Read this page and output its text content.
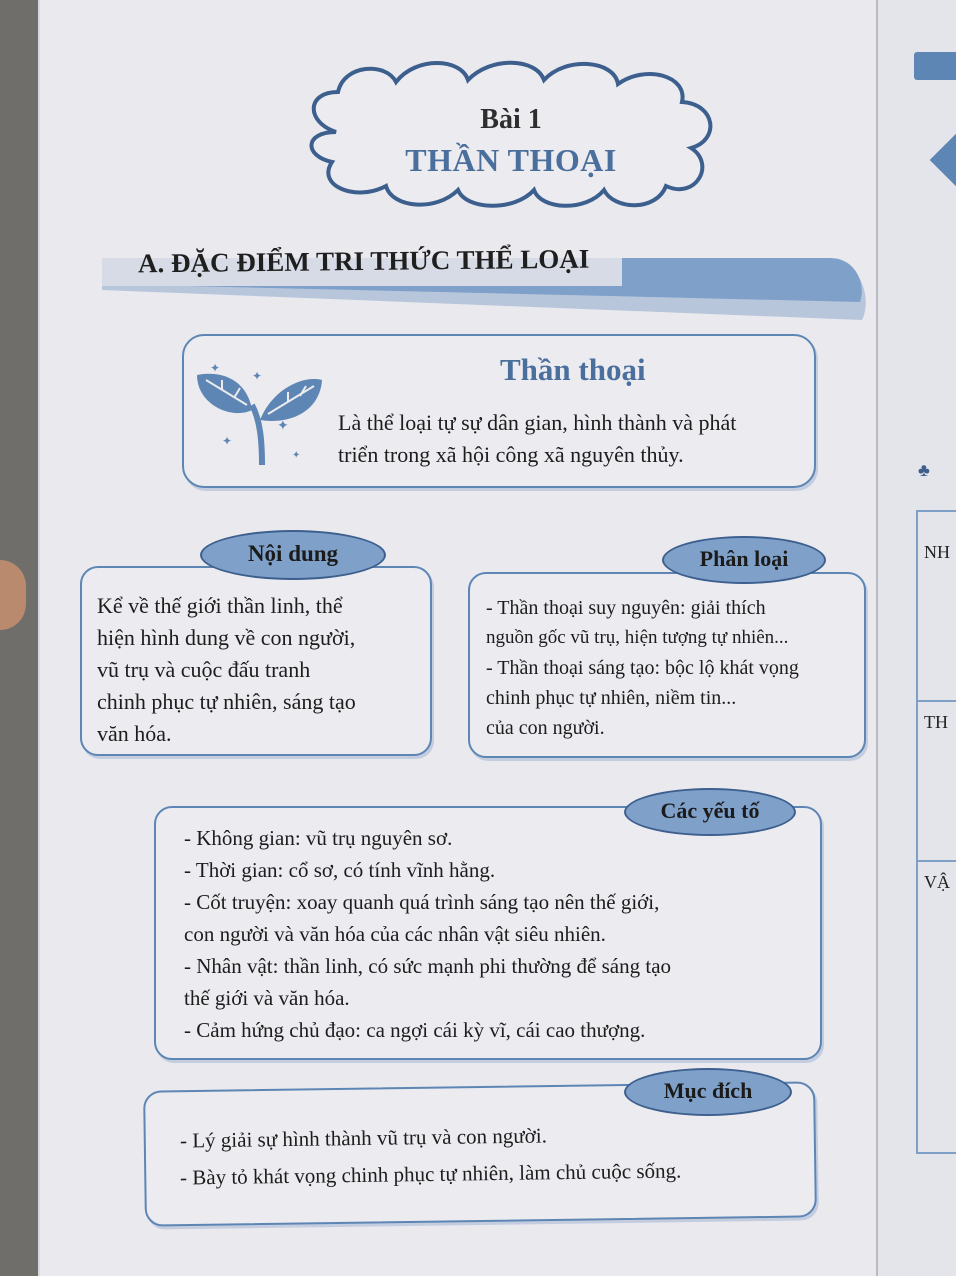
♣
NH
TH
VẬ
Bài 1
THẦN THOẠI
A. ĐẶC ĐIỂM TRI THỨC THỂ LOẠI
✦
✦
✦
✦
✦
Thần thoại
Là thể loại tự sự dân gian, hình thành và phát
triển trong xã hội công xã nguyên thủy.
Nội dung
Kể về thế giới thần linh, thể
hiện hình dung về con người,
vũ trụ và cuộc đấu tranh
chinh phục tự nhiên, sáng tạo
văn hóa.
Phân loại
- Thần thoại suy nguyên: giải thích
nguồn gốc vũ trụ, hiện tượng tự nhiên...
- Thần thoại sáng tạo: bộc lộ khát vọng
chinh phục tự nhiên, niềm tin...
của con người.
Các yếu tố
- Không gian: vũ trụ nguyên sơ.
- Thời gian: cổ sơ, có tính vĩnh hằng.
- Cốt truyện: xoay quanh quá trình sáng tạo nên thế giới,
con người và văn hóa của các nhân vật siêu nhiên.
- Nhân vật: thần linh, có sức mạnh phi thường để sáng tạo
thế giới và văn hóa.
- Cảm hứng chủ đạo: ca ngợi cái kỳ vĩ, cái cao thượng.
Mục đích
- Lý giải sự hình thành vũ trụ và con người.
- Bày tỏ khát vọng chinh phục tự nhiên, làm chủ cuộc sống.
